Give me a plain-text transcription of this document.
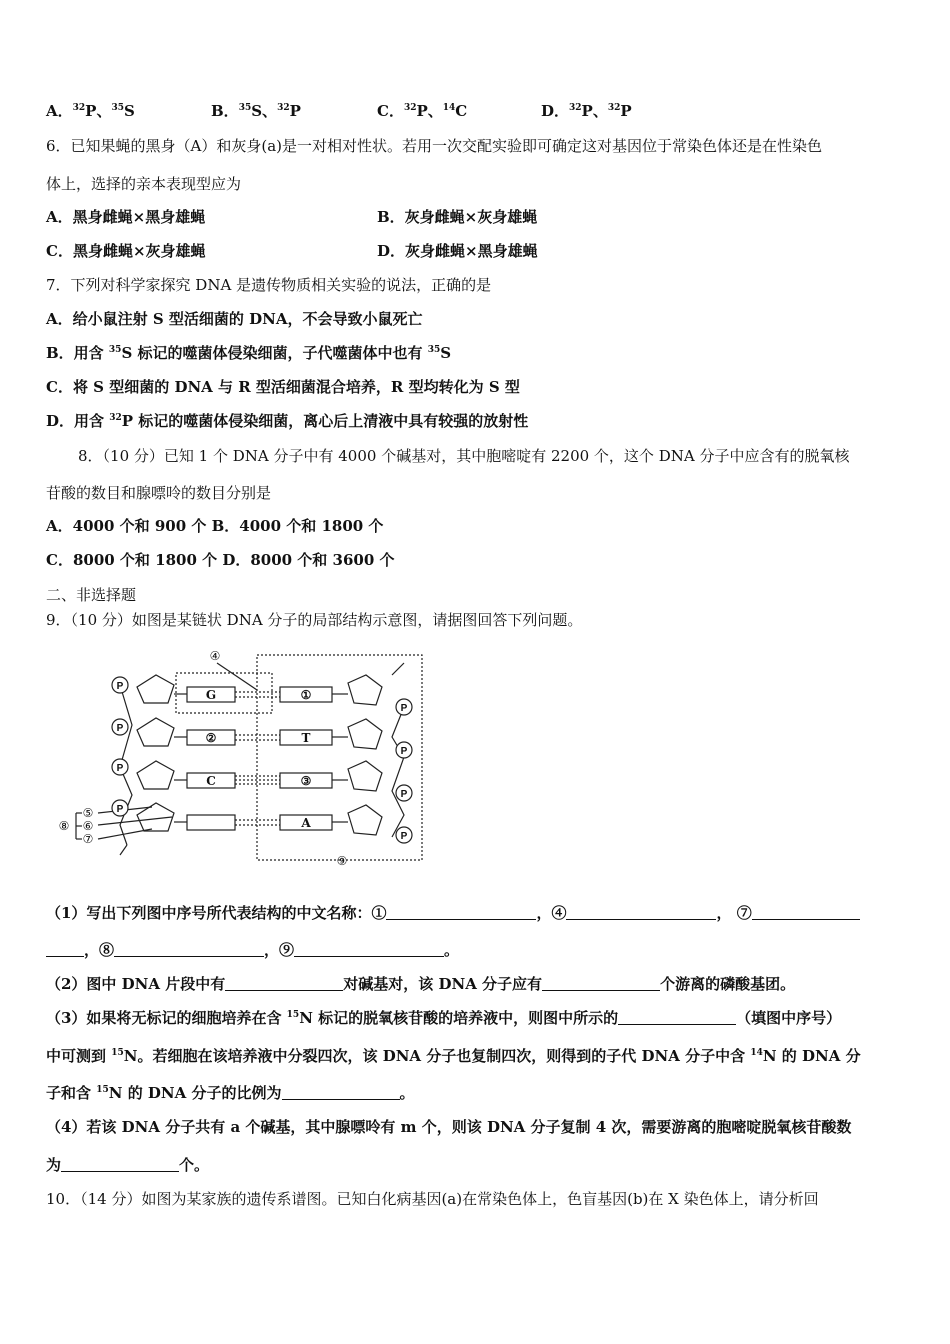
A．$^{32}$P、$^{35}$S	B．$^{35}$S、$^{32}$P	C．$^{32}$P、$^{14}$C	D．$^{32}$P、$^{32}$P
6．已知果蝇的黑身（A）和灰身(a)是一对相对性状。若用一次交配实验即可确定这对基因位于常染色体还是在性染色
体上，选择的亲本表现型应为
A．黑身雌蝇×黑身雄蝇	B．灰身雌蝇×灰身雄蝇
C．黑身雌蝇×灰身雄蝇	D．灰身雌蝇×黑身雄蝇
7．下列对科学家探究 DNA 是遗传物质相关实验的说法，正确的是
A．给小鼠注射 S 型活细菌的 DNA，不会导致小鼠死亡
B．用含 $^{35}$S 标记的噬菌体侵染细菌，子代噬菌体中也有 $^{35}$S
C．将 S 型细菌的 DNA 与 R 型活细菌混合培养，R 型均转化为 S 型
D．用含 $^{32}$P 标记的噬菌体侵染细菌，离心后上清液中具有较强的放射性
8．（10 分）已知 1 个 DNA 分子中有 4000 个碱基对，其中胞嘧啶有 2200 个，这个 DNA 分子中应含有的脱氧核
苷酸的数目和腺嘌呤的数目分别是
A．4000 个和 900 个 B．4000 个和 1800 个
C．8000 个和 1800 个 D．8000 个和 3600 个
二、非选择题
9．（10 分）如图是某链状 DNA 分子的局部结构示意图，请据图回答下列问题。
P
P
P
P
P
P
P
P
G
②
C
①
T
③
A
④
⑤
⑥
⑦
⑧
⑨
（1）写出下列图中序号所代表结构的中文名称：①	，④	， ⑦
，⑧	，⑨	。
（2）图中 DNA 片段中有	对碱基对，该 DNA 分子应有	个游离的磷酸基团。
（3）如果将无标记的细胞培养在含 $^{15}$N 标记的脱氧核苷酸的培养液中，则图中所示的	（填图中序号）
中可测到 $^{15}$N。若细胞在该培养液中分裂四次，该 DNA 分子也复制四次，则得到的子代 DNA 分子中含 $^{14}$N 的 DNA 分
子和含 $^{15}$N 的 DNA 分子的比例为	。
（4）若该 DNA 分子共有 a 个碱基，其中腺嘌呤有 m 个，则该 DNA 分子复制 4 次，需要游离的胞嘧啶脱氧核苷酸数
为	个。
10．（14 分）如图为某家族的遗传系谱图。已知白化病基因(a)在常染色体上，色盲基因(b)在 X 染色体上，请分析回
